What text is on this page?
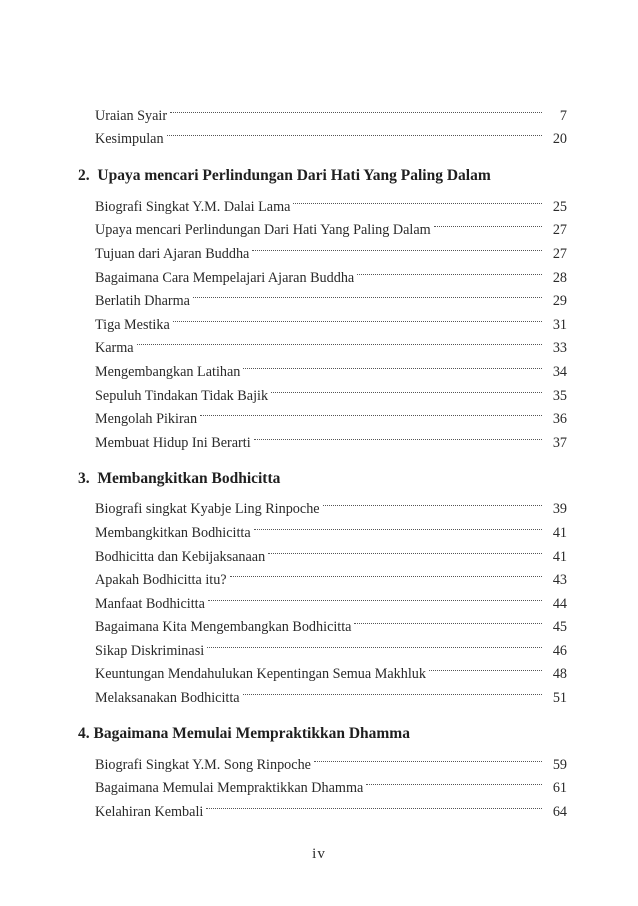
Uraian Syair	7
Kesimpulan	20
2. Upaya mencari Perlindungan Dari Hati Yang Paling Dalam
Biografi Singkat Y.M. Dalai Lama	25
Upaya mencari Perlindungan Dari Hati Yang Paling Dalam	27
Tujuan dari Ajaran Buddha	27
Bagaimana Cara Mempelajari Ajaran Buddha	28
Berlatih Dharma	29
Tiga Mestika	31
Karma	33
Mengembangkan Latihan	34
Sepuluh Tindakan Tidak Bajik	35
Mengolah Pikiran	36
Membuat Hidup Ini Berarti	37
3. Membangkitkan Bodhicitta
Biografi singkat Kyabje Ling Rinpoche	39
Membangkitkan Bodhicitta	41
Bodhicitta dan Kebijaksanaan	41
Apakah Bodhicitta itu?	43
Manfaat Bodhicitta	44
Bagaimana Kita Mengembangkan Bodhicitta	45
Sikap Diskriminasi	46
Keuntungan Mendahulukan Kepentingan Semua Makhluk	48
Melaksanakan Bodhicitta	51
4. Bagaimana Memulai Mempraktikkan Dhamma
Biografi Singkat Y.M. Song Rinpoche	59
Bagaimana Memulai Mempraktikkan Dhamma	61
Kelahiran Kembali	64
iv
